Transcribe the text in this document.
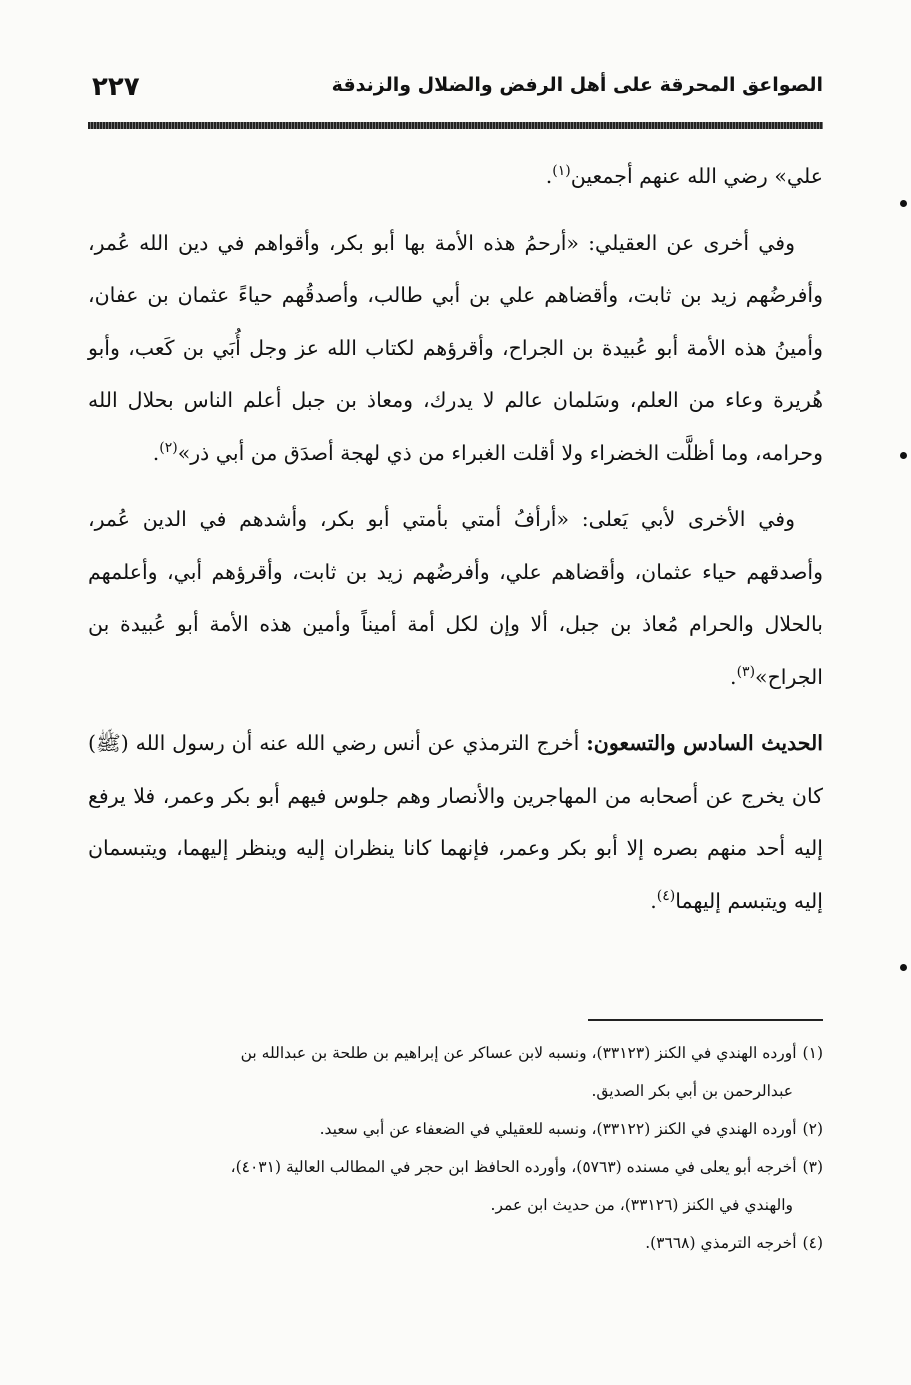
الصواعق المحرقة على أهل الرفض والضلال والزندقة
٢٢٧

علي» رضي الله عنهم أجمعين$^{(١)}$.

وفي أخرى عن العقيلي: «أرحمُ هذه الأمة بها أبو بكر، وأقواهم في دين الله عُمر، وأفرضُهم زيد بن ثابت، وأقضاهم علي بن أبي طالب، وأصدقُهم حياءً عثمان بن عفان، وأمينُ هذه الأمة أبو عُبيدة بن الجراح، وأقرؤهم لكتاب الله عز وجل أُبَي بن كَعب، وأبو هُريرة وعاء من العلم، وسَلمان عالم لا يدرك، ومعاذ بن جبل أعلم الناس بحلال الله وحرامه، وما أظلَّت الخضراء ولا أقلت الغبراء من ذي لهجة أصدَق من أبي ذر»$^{(٢)}$.

وفي الأخرى لأبي يَعلى: «أرأفُ أمتي بأمتي أبو بكر، وأشدهم في الدين عُمر، وأصدقهم حياء عثمان، وأقضاهم علي، وأفرضُهم زيد بن ثابت، وأقرؤهم أبي، وأعلمهم بالحلال والحرام مُعاذ بن جبل، ألا وإن لكل أمة أميناً وأمين هذه الأمة أبو عُبيدة بن الجراح»$^{(٣)}$.

الحديث السادس والتسعون: أخرج الترمذي عن أنس رضي الله عنه أن رسول الله (ﷺ) كان يخرج عن أصحابه من المهاجرين والأنصار وهم جلوس فيهم أبو بكر وعمر، فلا يرفع إليه أحد منهم بصره إلا أبو بكر وعمر، فإنهما كانا ينظران إليه وينظر إليهما، ويتبسمان إليه ويتبسم إليهما$^{(٤)}$.

(١)أورده الهندي في الكنز (٣٣١٢٣)، ونسبه لابن عساكر عن إبراهيم بن طلحة بن عبدالله بن
عبدالرحمن بن أبي بكر الصديق.
(٢)أورده الهندي في الكنز (٣٣١٢٢)، ونسبه للعقيلي في الضعفاء عن أبي سعيد.
(٣)أخرجه أبو يعلى في مسنده (٥٧٦٣)، وأورده الحافظ ابن حجر في المطالب العالية (٤٠٣١)،
والهندي في الكنز (٣٣١٢٦)، من حديث ابن عمر.
(٤)أخرجه الترمذي (٣٦٦٨).
